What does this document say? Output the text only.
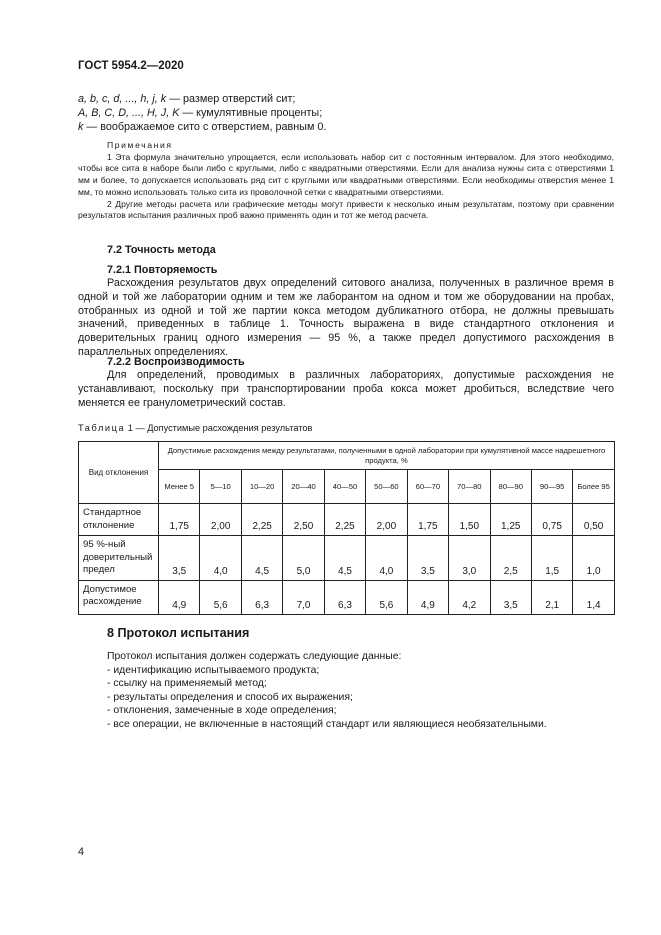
ГОСТ 5954.2—2020
a, b, c, d, ..., h, j, k — размер отверстий сит;
A, B, C, D, ..., H, J, K — кумулятивные проценты;
k — воображаемое сито с отверстием, равным 0.

Примечания

1 Эта формула значительно упрощается, если использовать набор сит с постоянным интервалом. Для этого необходимо, чтобы все сита в наборе были либо с круглыми, либо с квадратными отверстиями. Если для анализа нужны сита с отверстиями 1 мм и более, то допускается использовать ряд сит с круглыми или квадратными отверстиями. Если необходимы отверстия менее 1 мм, то можно использовать только сита из проволочной сетки с квадратными отверстиями.

2 Другие методы расчета или графические методы могут привести к несколько иным результатам, поэтому при сравнении результатов испытания различных проб важно применять один и тот же метод расчета.

7.2 Точность метода
7.2.1 Повторяемость

Расхождения результатов двух определений ситового анализа, полученных в различное время в одной и той же лаборатории одним и тем же лаборантом на одном и том же оборудовании на пробах, отобранных из одной и той же партии кокса методом дубликатного отбора, не должны превышать значений, приведенных в таблице 1. Точность выражена в виде стандартного отклонения и доверительных границ одного измерения — 95 %, а также предел допустимого расхождения в параллельных определениях.

7.2.2 Воспроизводимость

Для определений, проводимых в различных лабораториях, допустимые расхождения не устанавливают, поскольку при транспортировании проба кокса может дробиться, вследствие чего меняется ее гранулометрический состав.

Таблица 1 — Допустимые расхождения результатов
Вид отклонения	Допустимые расхождения между результатами, полученными в одной лаборатории при кумулятивной массе надрешетного продукта, %										
	Менее 5	5—10	10—20	20—40	40—50	50—60	60—70	70—80	80—90	90—95	Более 95
Стандартное отклонение	1,75	2,00	2,25	2,50	2,25	2,00	1,75	1,50	1,25	0,75	0,50
95 %-ный доверительный предел	3,5	4,0	4,5	5,0	4,5	4,0	3,5	3,0	2,5	1,5	1,0
Допустимое расхождение	4,9	5,6	6,3	7,0	6,3	5,6	4,9	4,2	3,5	2,1	1,4
8 Протокол испытания
Протокол испытания должен содержать следующие данные:
- идентификацию испытываемого продукта;
- ссылку на применяемый метод;
- результаты определения и способ их выражения;
- отклонения, замеченные в ходе определения;
- все операции, не включенные в настоящий стандарт или являющиеся необязательными.
4
